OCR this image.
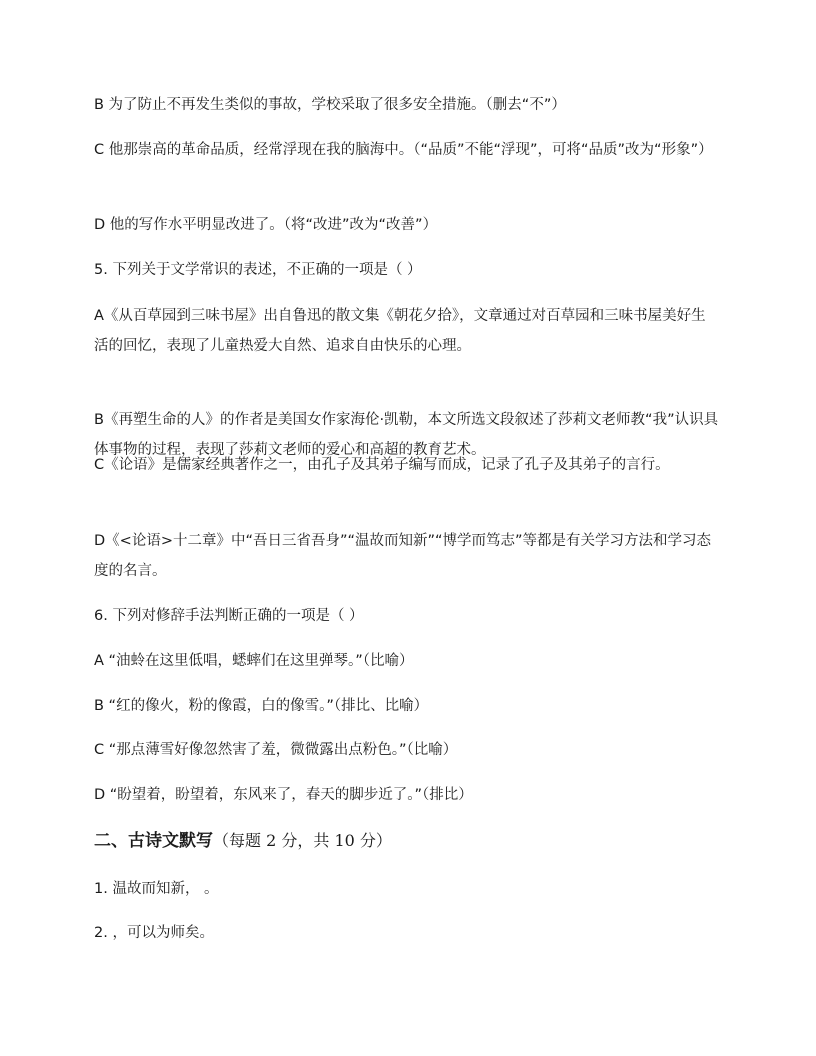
B 为了防止不再发生类似的事故，学校采取了很多安全措施。（删去“不”）

C 他那崇高的革命品质，经常浮现在我的脑海中。（“品质”不能“浮现”，可将“品质”改为“形象”）

D 他的写作水平明显改进了。（将“改进”改为“改善”）

5. 下列关于文学常识的表述，不正确的一项是（ ）

A《从百草园到三味书屋》出自鲁迅的散文集《朝花夕拾》，文章通过对百草园和三味书屋美好生活的回忆，表现了儿童热爱大自然、追求自由快乐的心理。

B《再塑生命的人》的作者是美国女作家海伦·凯勒，本文所选文段叙述了莎莉文老师教“我”认识具体事物的过程，表现了莎莉文老师的爱心和高超的教育艺术。

C《论语》是儒家经典著作之一，由孔子及其弟子编写而成，记录了孔子及其弟子的言行。

D《<论语>十二章》中“吾日三省吾身”“温故而知新”“博学而笃志”等都是有关学习方法和学习态度的名言。

6. 下列对修辞手法判断正确的一项是（ ）

A “油蛉在这里低唱，蟋蟀们在这里弹琴。”（比喻）

B “红的像火，粉的像霞，白的像雪。”（排比、比喻）

C “那点薄雪好像忽然害了羞，微微露出点粉色。”（比喻）

D “盼望着，盼望着，东风来了，春天的脚步近了。”（排比）

二、古诗文默写（每题 2 分，共 10 分）

1. 温故而知新， 。

2. ，可以为师矣。
